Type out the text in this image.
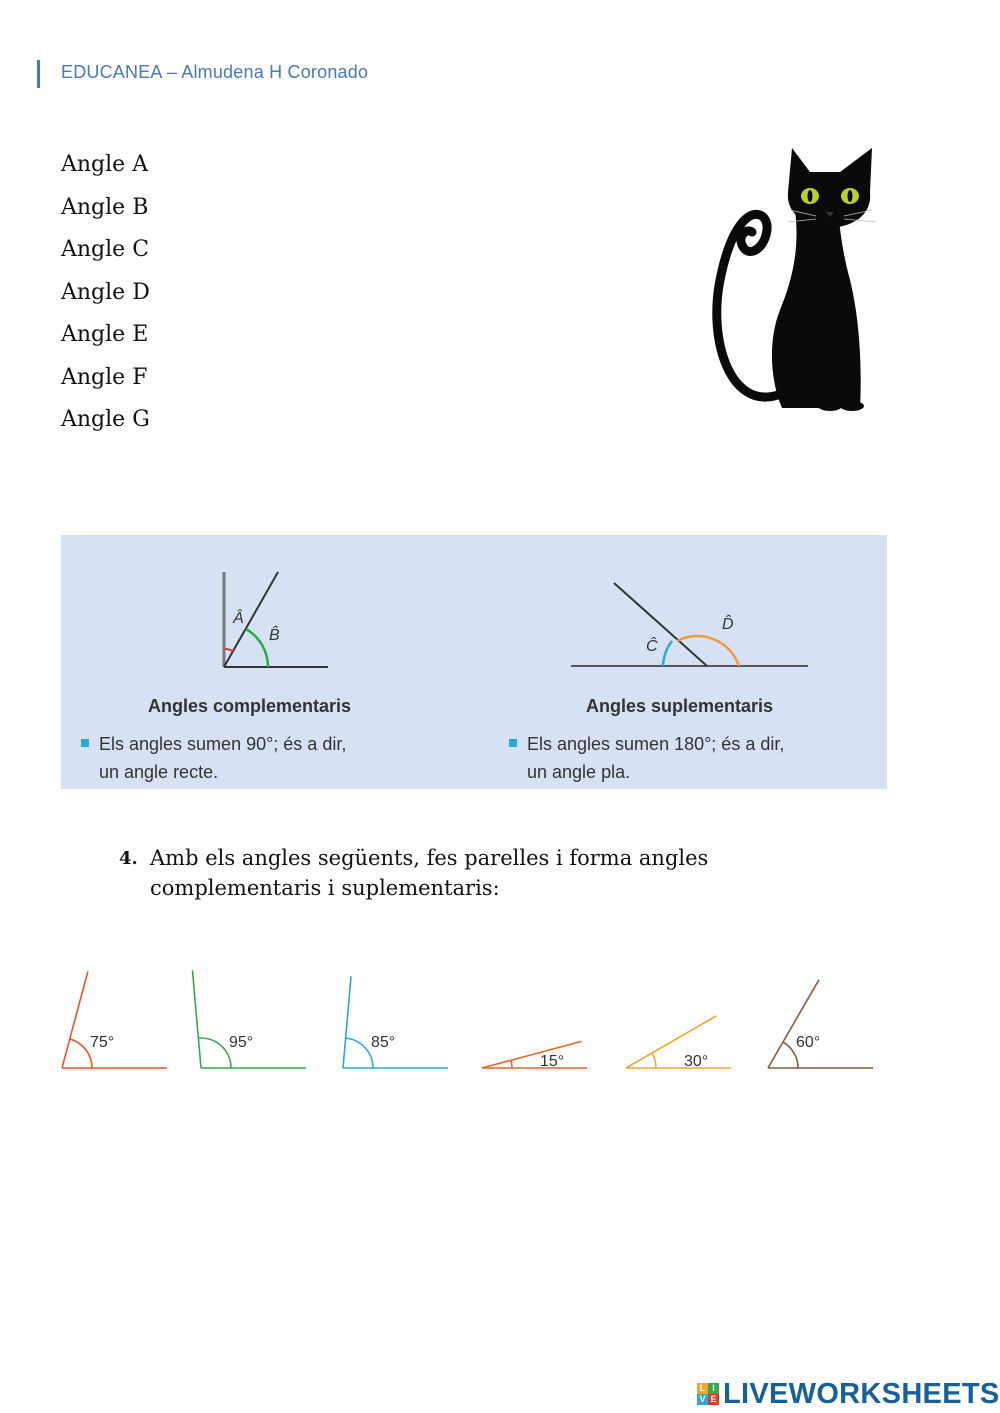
EDUCANEA – Almudena H Coronado
Angle A
Angle B
Angle C
Angle D
Angle E
Angle F
Angle G
Â
B̂
Angles complementaris
Els angles sumen 90°; és a dir,
un angle recte.
Ĉ
D̂
Angles suplementaris
Els angles sumen 180°; és a dir,
un angle pla.
4. Amb els angles següents, fes parelles i forma angles complementaris i suplementaris:
75°	95°	85°
15°	30°
60°
L I
V E LIVEWORKSHEETS
